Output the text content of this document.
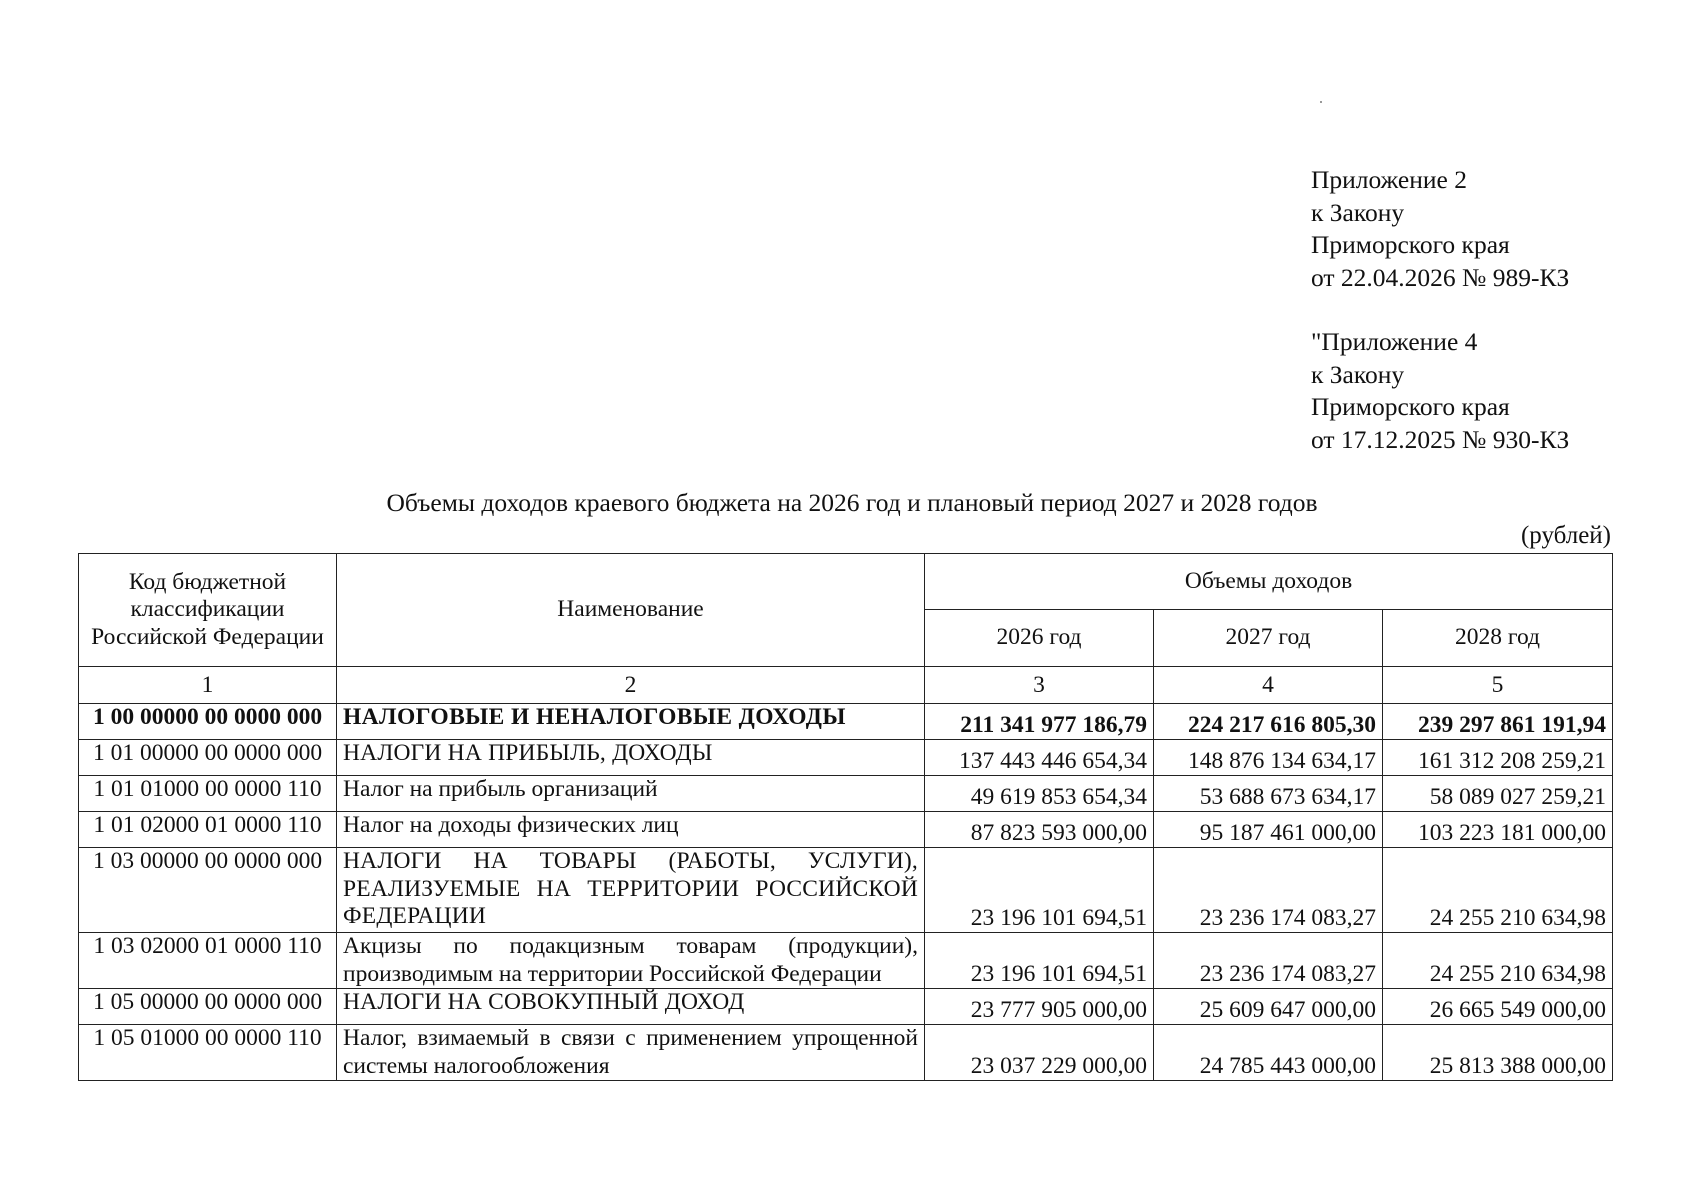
Приложение 2
к Закону
Приморского края
от 22.04.2026 № 989-КЗ
"Приложение 4
к Закону
Приморского края
от 17.12.2025 № 930-КЗ
Объемы доходов краевого бюджета на 2026 год и плановый период 2027 и 2028 годов
(рублей)
Код бюджетной классификации Российской Федерации	Наименование	Объемы доходов		
		2026 год	2027 год	2028 год
1	2	3	4	5
1 00 00000 00 0000 000	НАЛОГОВЫЕ И НЕНАЛОГОВЫЕ ДОХОДЫ	211 341 977 186,79	224 217 616 805,30	239 297 861 191,94
1 01 00000 00 0000 000	НАЛОГИ НА ПРИБЫЛЬ, ДОХОДЫ	137 443 446 654,34	148 876 134 634,17	161 312 208 259,21
1 01 01000 00 0000 110	Налог на прибыль организаций	49 619 853 654,34	53 688 673 634,17	58 089 027 259,21
1 01 02000 01 0000 110	Налог на доходы физических лиц	87 823 593 000,00	95 187 461 000,00	103 223 181 000,00
1 03 00000 00 0000 000	НАЛОГИ НА ТОВАРЫ (РАБОТЫ, УСЛУГИ), РЕАЛИЗУЕМЫЕ НА ТЕРРИТОРИИ РОССИЙСКОЙ ФЕДЕРАЦИИ	23 196 101 694,51	23 236 174 083,27	24 255 210 634,98
1 03 02000 01 0000 110	Акцизы по подакцизным товарам (продукции), производимым на территории Российской Федерации	23 196 101 694,51	23 236 174 083,27	24 255 210 634,98
1 05 00000 00 0000 000	НАЛОГИ НА СОВОКУПНЫЙ ДОХОД	23 777 905 000,00	25 609 647 000,00	26 665 549 000,00
1 05 01000 00 0000 110	Налог, взимаемый в связи с применением упрощенной системы налогообложения	23 037 229 000,00	24 785 443 000,00	25 813 388 000,00
